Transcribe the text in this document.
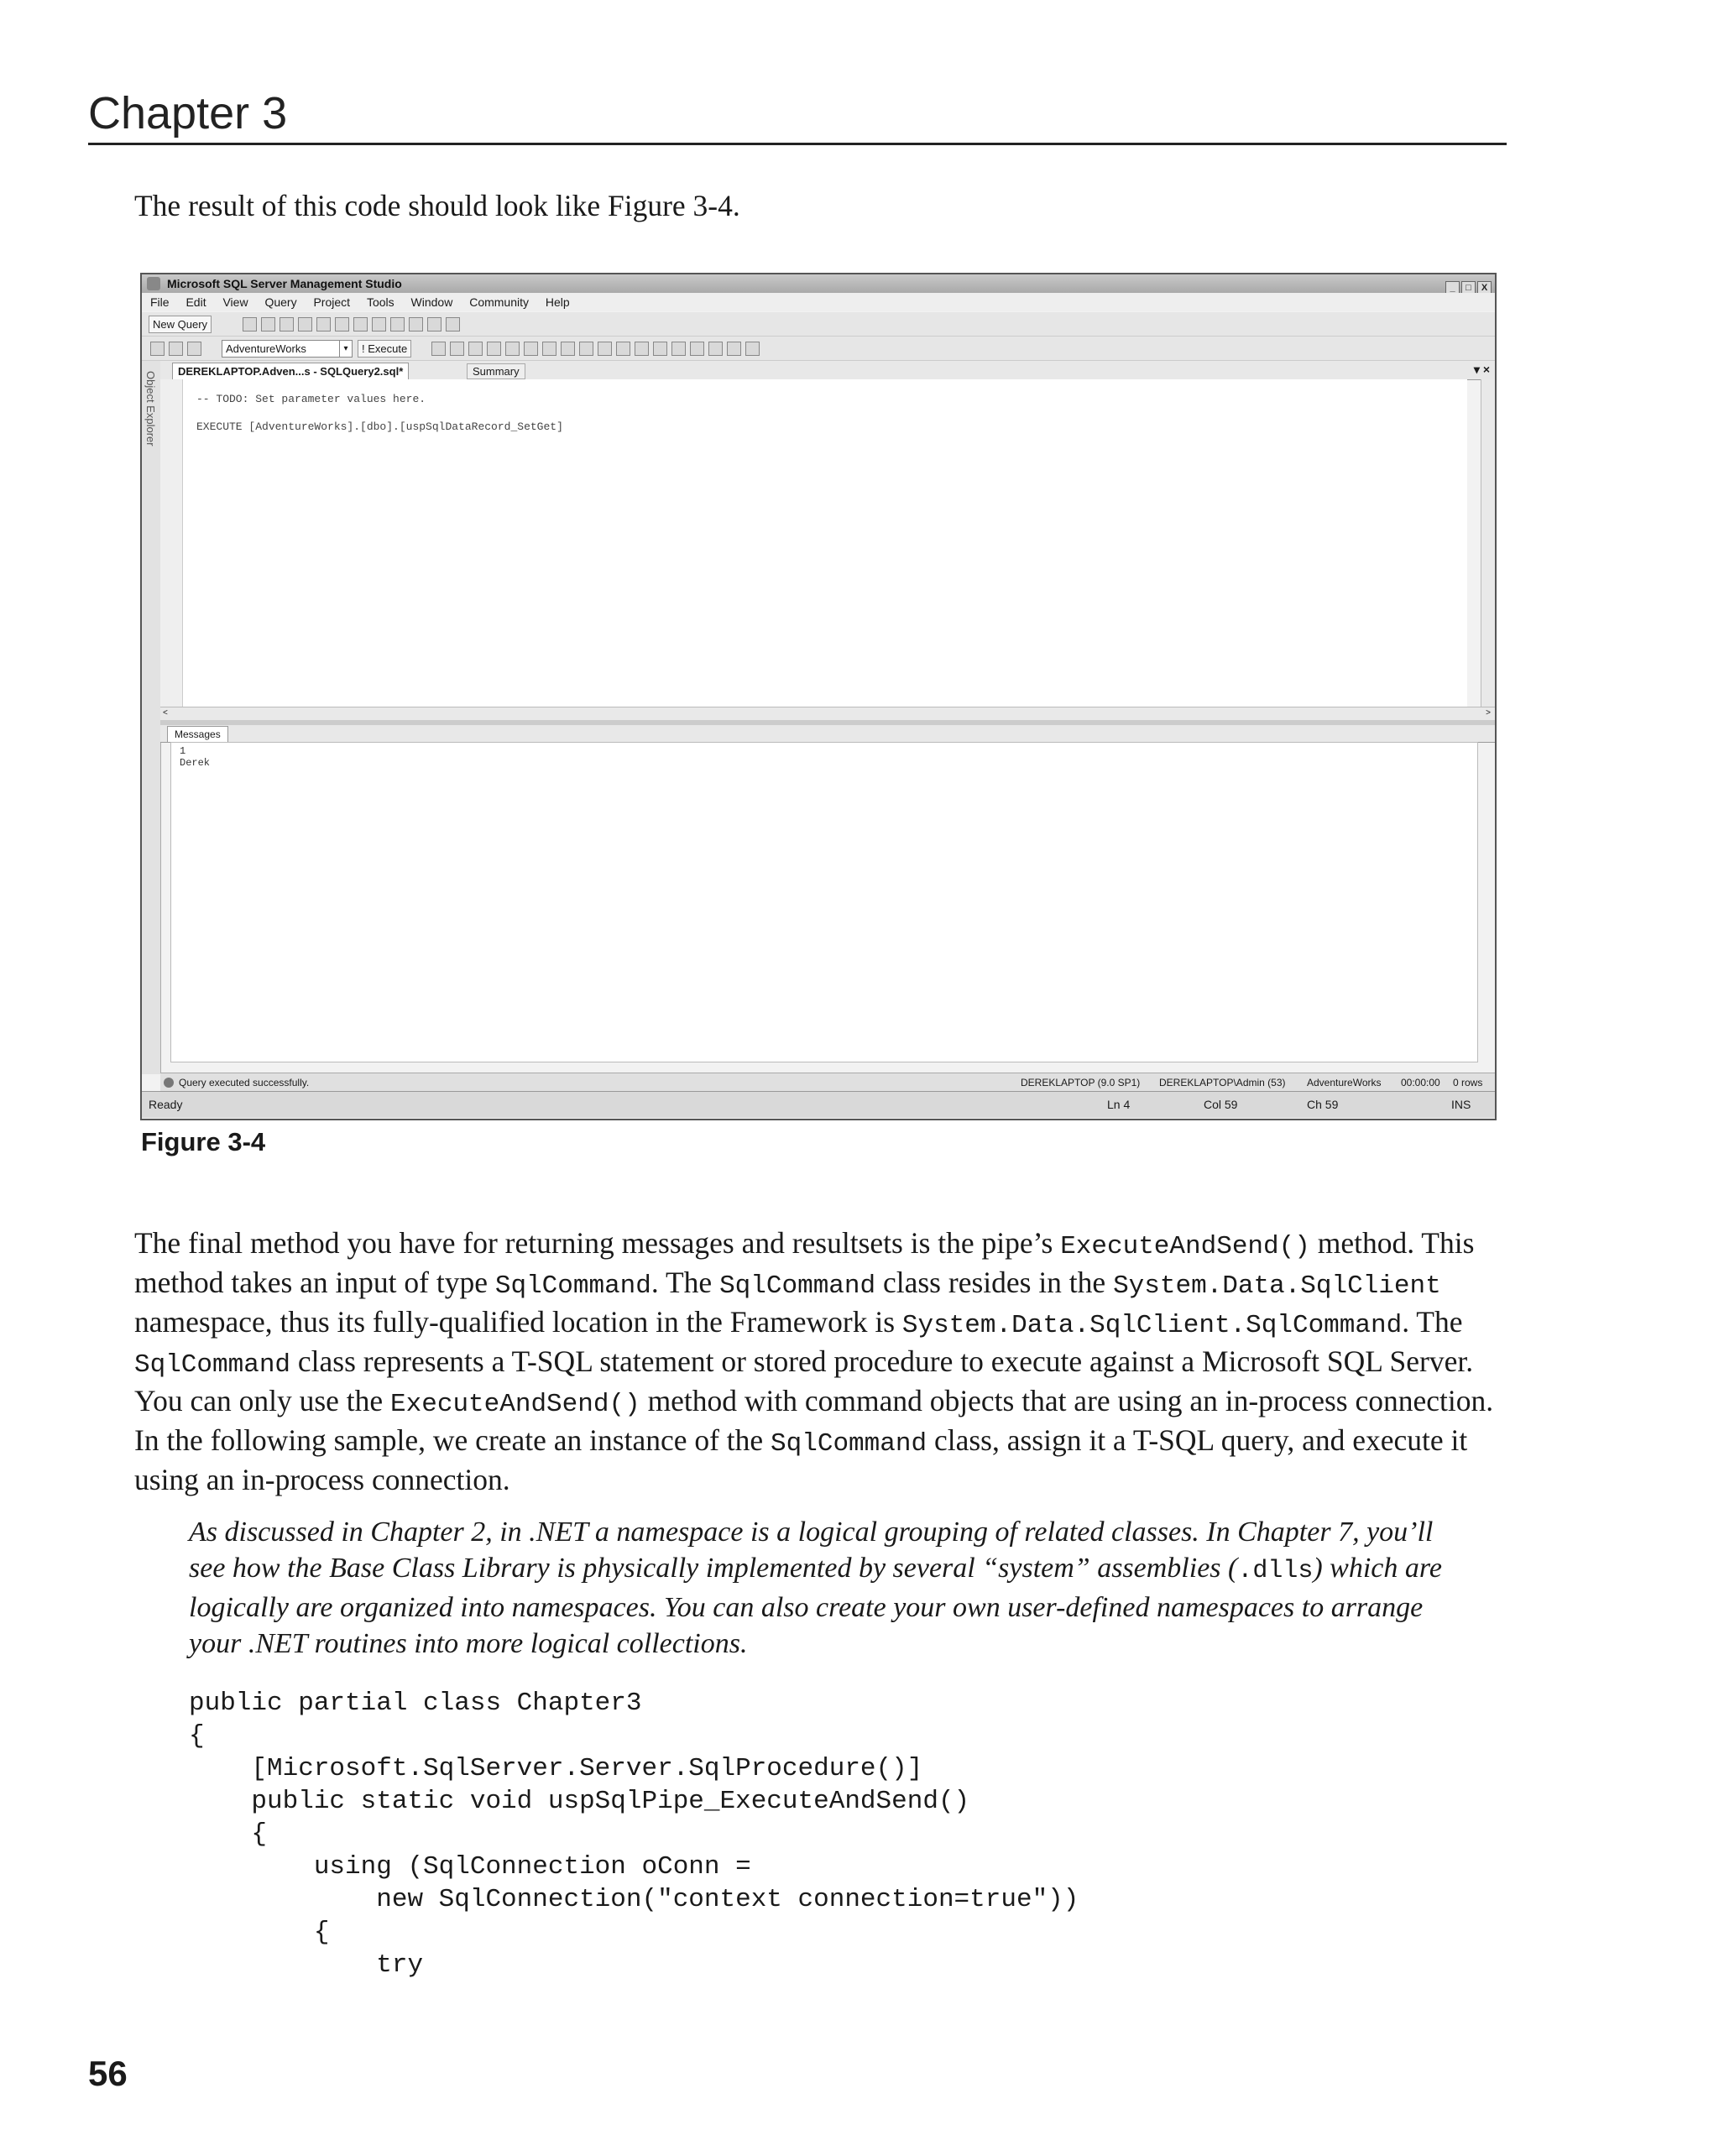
Chapter 3
The result of this code should look like Figure 3-4.
Microsoft SQL Server Management Studio	_ □ X
File Edit View Query Project Tools Window Community Help
New Query
AdventureWorks	▾	! Execute
Object Explorer	DEREKLAPTOP.Adven...s - SQLQuery2.sql*	Summary	▾ ×
-- TODO: Set parameter values here.
EXECUTE [AdventureWorks].[dbo].[uspSqlDataRecord_SetGet]
<	>
Messages
1
Derek
Query executed successfully.	DEREKLAPTOP (9.0 SP1) DEREKLAPTOP\Admin (53) AdventureWorks 00:00:00 0 rows
Ready	Ln 4	Col 59	Ch 59	INS
Figure 3-4
The final method you have for returning messages and resultsets is the pipe’s ExecuteAndSend() method. This method takes an input of type SqlCommand. The SqlCommand class resides in the System.Data.SqlClient namespace, thus its fully-qualified location in the Framework is System.Data.SqlClient.SqlCommand. The SqlCommand class represents a T-SQL statement or stored procedure to execute against a Microsoft SQL Server. You can only use the ExecuteAndSend() method with command objects that are using an in-process connection. In the following sample, we create an instance of the SqlCommand class, assign it a T-SQL query, and execute it using an in-process connection.
As discussed in Chapter 2, in .NET a namespace is a logical grouping of related classes. In Chapter 7, you’ll see how the Base Class Library is physically implemented by several “system” assemblies (.dlls) which are logically are organized into namespaces. You can also create your own user-defined namespaces to arrange your .NET routines into more logical collections.
public partial class Chapter3
{
[Microsoft.SqlServer.Server.SqlProcedure()]
public static void uspSqlPipe_ExecuteAndSend()
{
using (SqlConnection oConn =
new SqlConnection("context connection=true"))
{
try
56
